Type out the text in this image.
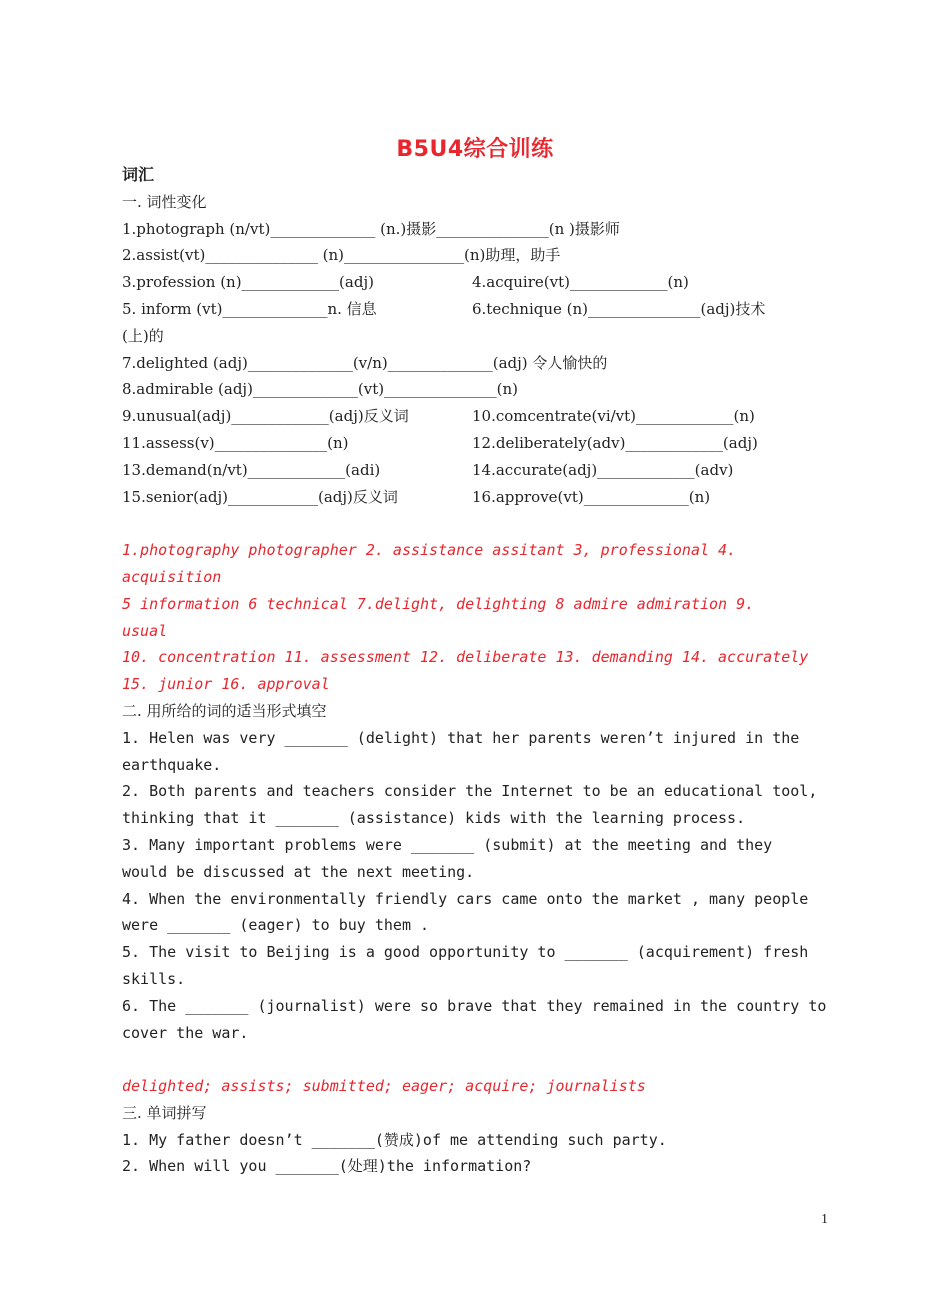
B5U4综合训练
词汇
一. 词性变化
1.photograph (n/vt)______________ (n.)摄影_______________(n )摄影师
2.assist(vt)_______________ (n)________________(n)助理，助手
3.profession (n)_____________(adj)	4.acquire(vt)_____________(n)
5. inform (vt)______________n. 信息	6.technique (n)_______________(adj)技术
(上)的
7.delighted (adj)______________(v/n)______________(adj) 令人愉快的
8.admirable (adj)______________(vt)_______________(n)
9.unusual(adj)_____________(adj)反义词	10.comcentrate(vi/vt)_____________(n)
11.assess(v)_______________(n)	12.deliberately(adv)_____________(adj)
13.demand(n/vt)_____________(adi)	14.accurate(adj)_____________(adv)
15.senior(adj)____________(adj)反义词	16.approve(vt)______________(n)
1.photography photographer 2. assistance assitant 3, professional 4.
acquisition
5 information 6 technical 7.delight, delighting 8 admire admiration 9.
usual
10. concentration 11. assessment 12. deliberate 13. demanding 14. accurately
15. junior 16. approval
二. 用所给的词的适当形式填空
1. Helen was very _______ (delight) that her parents weren’t injured in the
earthquake.
2. Both parents and teachers consider the Internet to be an educational tool,
thinking that it _______ (assistance) kids with the learning process.
3. Many important problems were _______ (submit) at the meeting and they
would be discussed at the next meeting.
4. When the environmentally friendly cars came onto the market , many people
were _______ (eager) to buy them .
5. The visit to Beijing is a good opportunity to _______ (acquirement) fresh
skills.
6. The _______ (journalist) were so brave that they remained in the country to
cover the war.
delighted; assists; submitted; eager; acquire; journalists
三. 单词拼写
1. My father doesn’t _______(赞成)of me attending such party.
2. When will you _______(处理)the information?
1
